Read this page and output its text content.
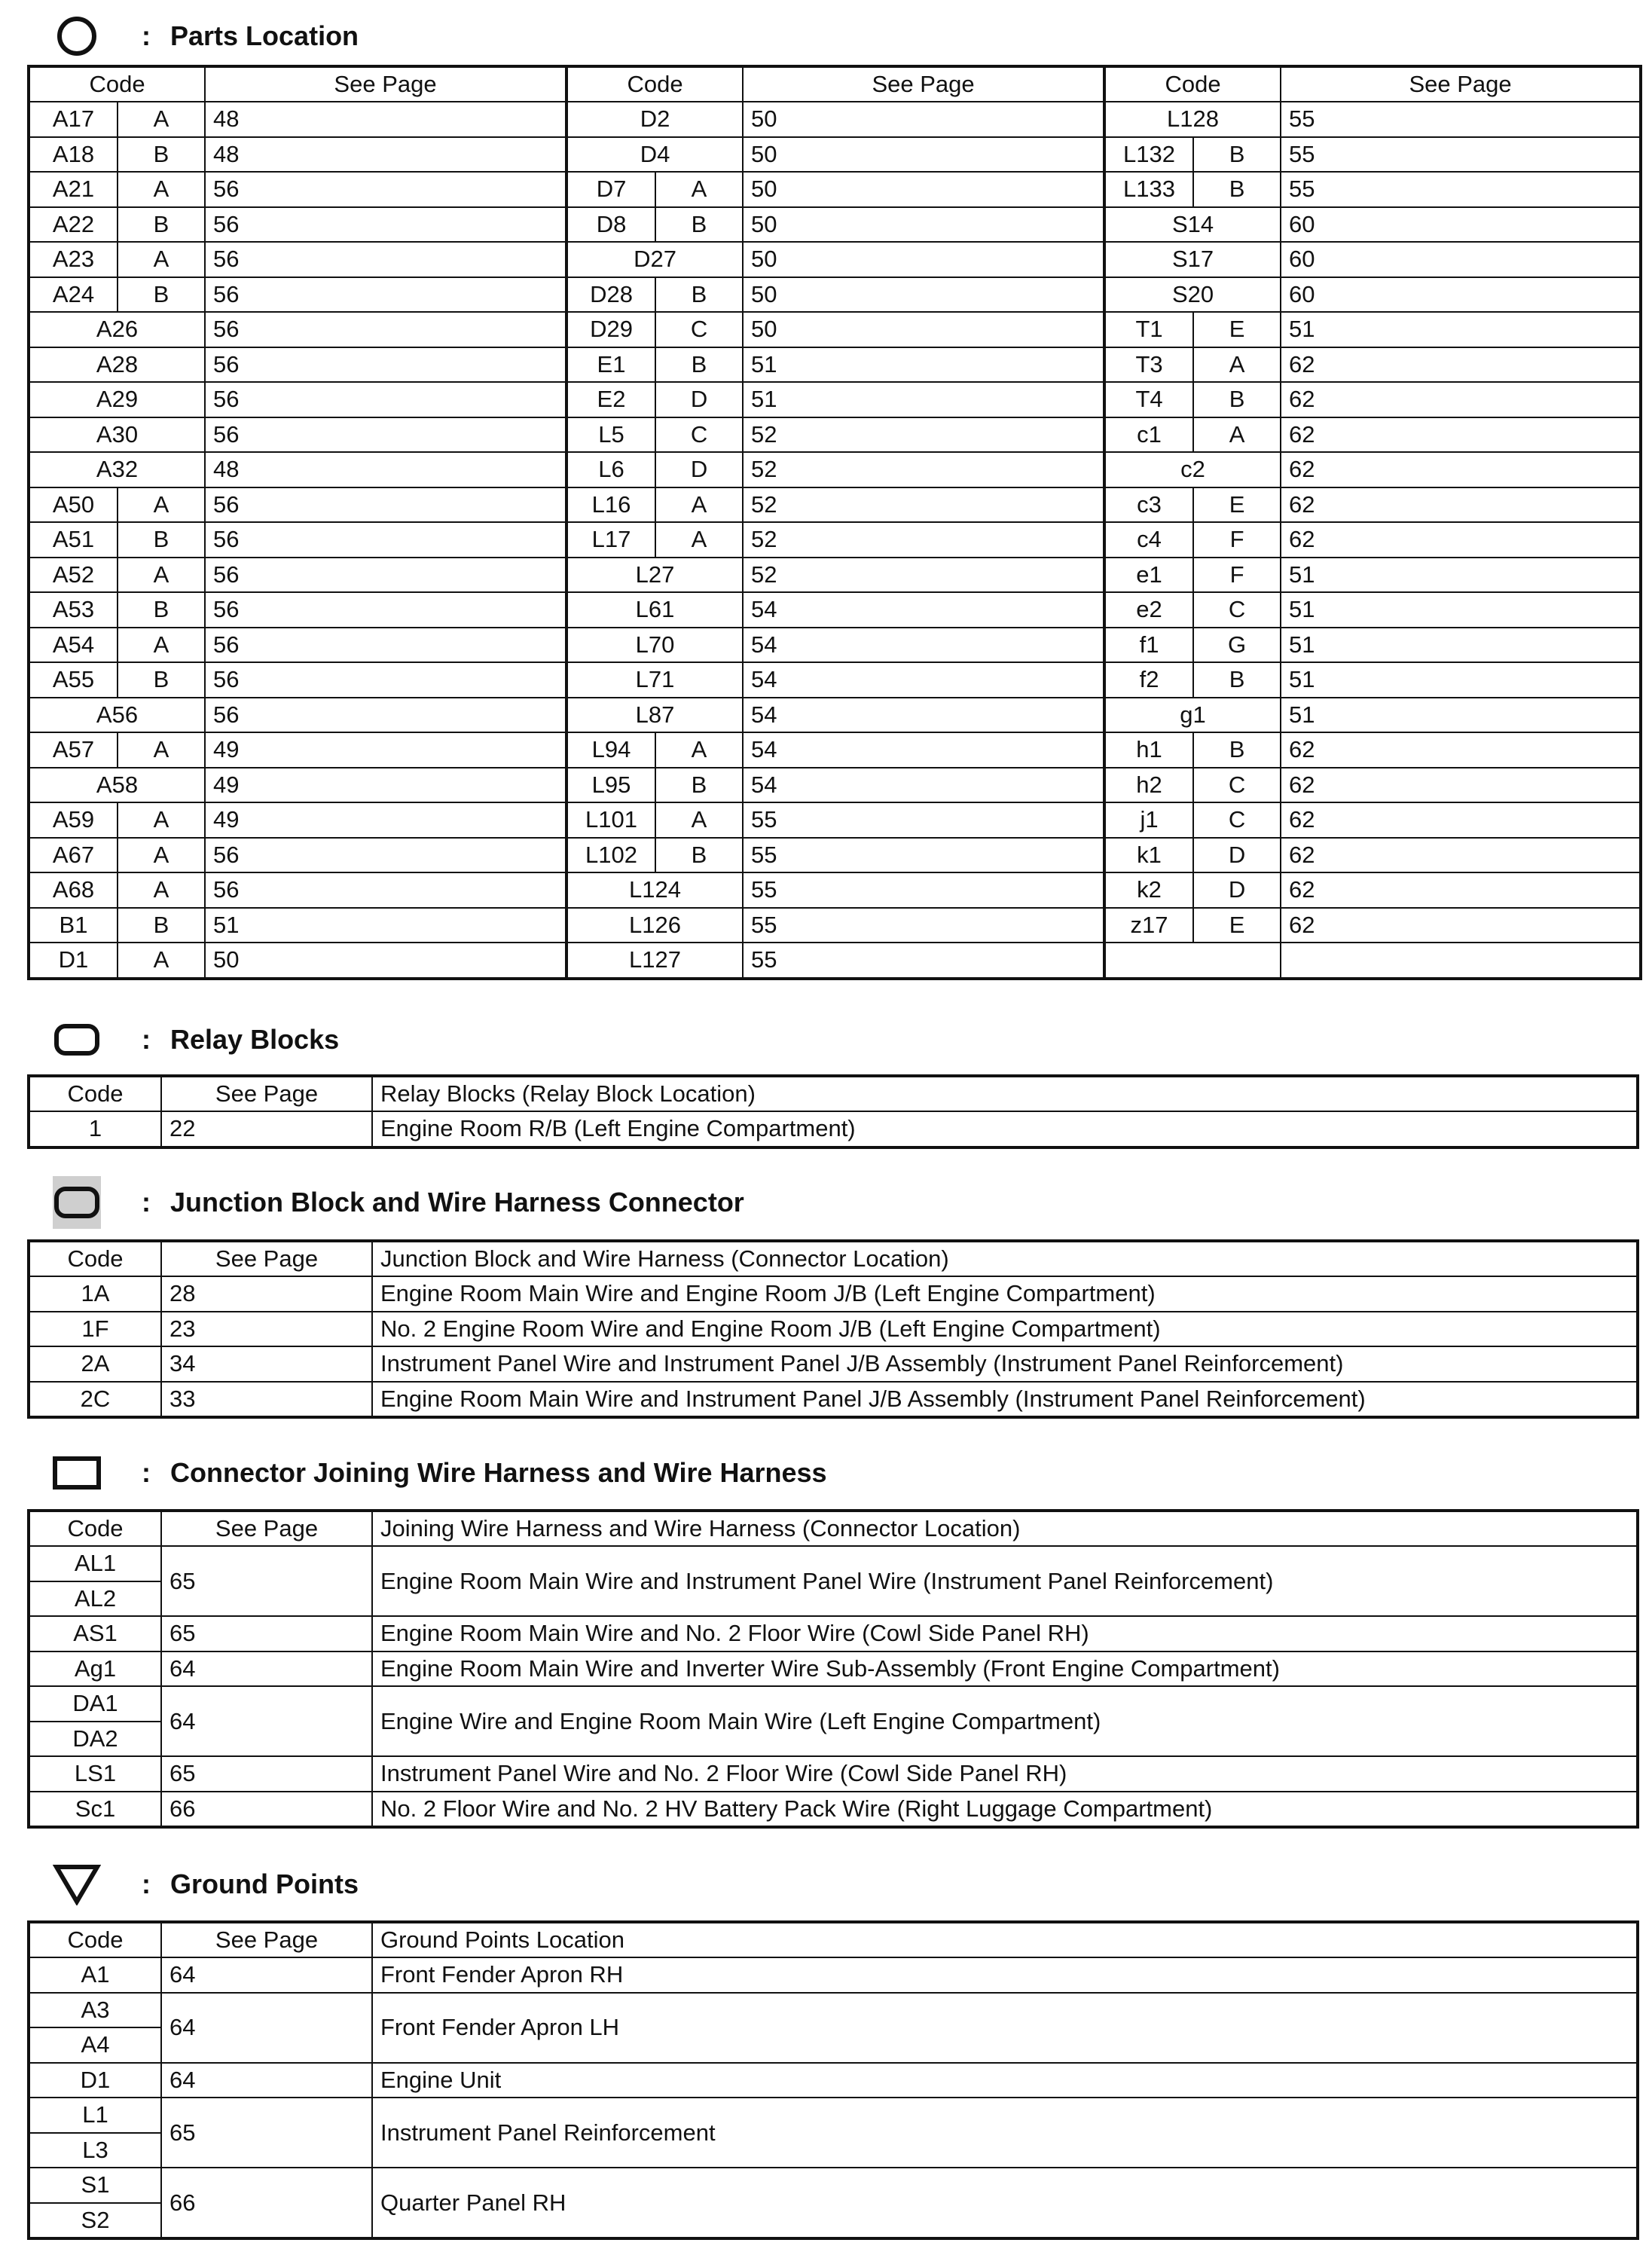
: Parts Location
Code		See Page	Code		See Page	Code		See Page
A17	A	48	D2		50	L128		55
A18	B	48	D4		50	L132	B	55
A21	A	56	D7	A	50	L133	B	55
A22	B	56	D8	B	50	S14		60
A23	A	56	D27		50	S17		60
A24	B	56	D28	B	50	S20		60
A26		56	D29	C	50	T1	E	51
A28		56	E1	B	51	T3	A	62
A29		56	E2	D	51	T4	B	62
A30		56	L5	C	52	c1	A	62
A32		48	L6	D	52	c2		62
A50	A	56	L16	A	52	c3	E	62
A51	B	56	L17	A	52	c4	F	62
A52	A	56	L27		52	e1	F	51
A53	B	56	L61		54	e2	C	51
A54	A	56	L70		54	f1	G	51
A55	B	56	L71		54	f2	B	51
A56		56	L87		54	g1		51
A57	A	49	L94	A	54	h1	B	62
A58		49	L95	B	54	h2	C	62
A59	A	49	L101	A	55	j1	C	62
A67	A	56	L102	B	55	k1	D	62
A68	A	56	L124		55	k2	D	62
B1	B	51	L126		55	z17	E	62
D1	A	50	L127		55			
: Relay Blocks
Code	See Page	Relay Blocks (Relay Block Location)
1	22	Engine Room R/B (Left Engine Compartment)
: Junction Block and Wire Harness Connector
Code	See Page	Junction Block and Wire Harness (Connector Location)
1A	28	Engine Room Main Wire and Engine Room J/B (Left Engine Compartment)
1F	23	No. 2 Engine Room Wire and Engine Room J/B (Left Engine Compartment)
2A	34	Instrument Panel Wire and Instrument Panel J/B Assembly (Instrument Panel Reinforcement)
2C	33	Engine Room Main Wire and Instrument Panel J/B Assembly (Instrument Panel Reinforcement)
: Connector Joining Wire Harness and Wire Harness
Code	See Page	Joining Wire Harness and Wire Harness (Connector Location)
AL1	65	Engine Room Main Wire and Instrument Panel Wire (Instrument Panel Reinforcement)
AL2		
AS1	65	Engine Room Main Wire and No. 2 Floor Wire (Cowl Side Panel RH)
Ag1	64	Engine Room Main Wire and Inverter Wire Sub-Assembly (Front Engine Compartment)
DA1	64	Engine Wire and Engine Room Main Wire (Left Engine Compartment)
DA2		
LS1	65	Instrument Panel Wire and No. 2 Floor Wire (Cowl Side Panel RH)
Sc1	66	No. 2 Floor Wire and No. 2 HV Battery Pack Wire (Right Luggage Compartment)
: Ground Points
Code	See Page	Ground Points Location
A1	64	Front Fender Apron RH
A3	64	Front Fender Apron LH
A4		
D1	64	Engine Unit
L1	65	Instrument Panel Reinforcement
L3		
S1	66	Quarter Panel RH
S2		
